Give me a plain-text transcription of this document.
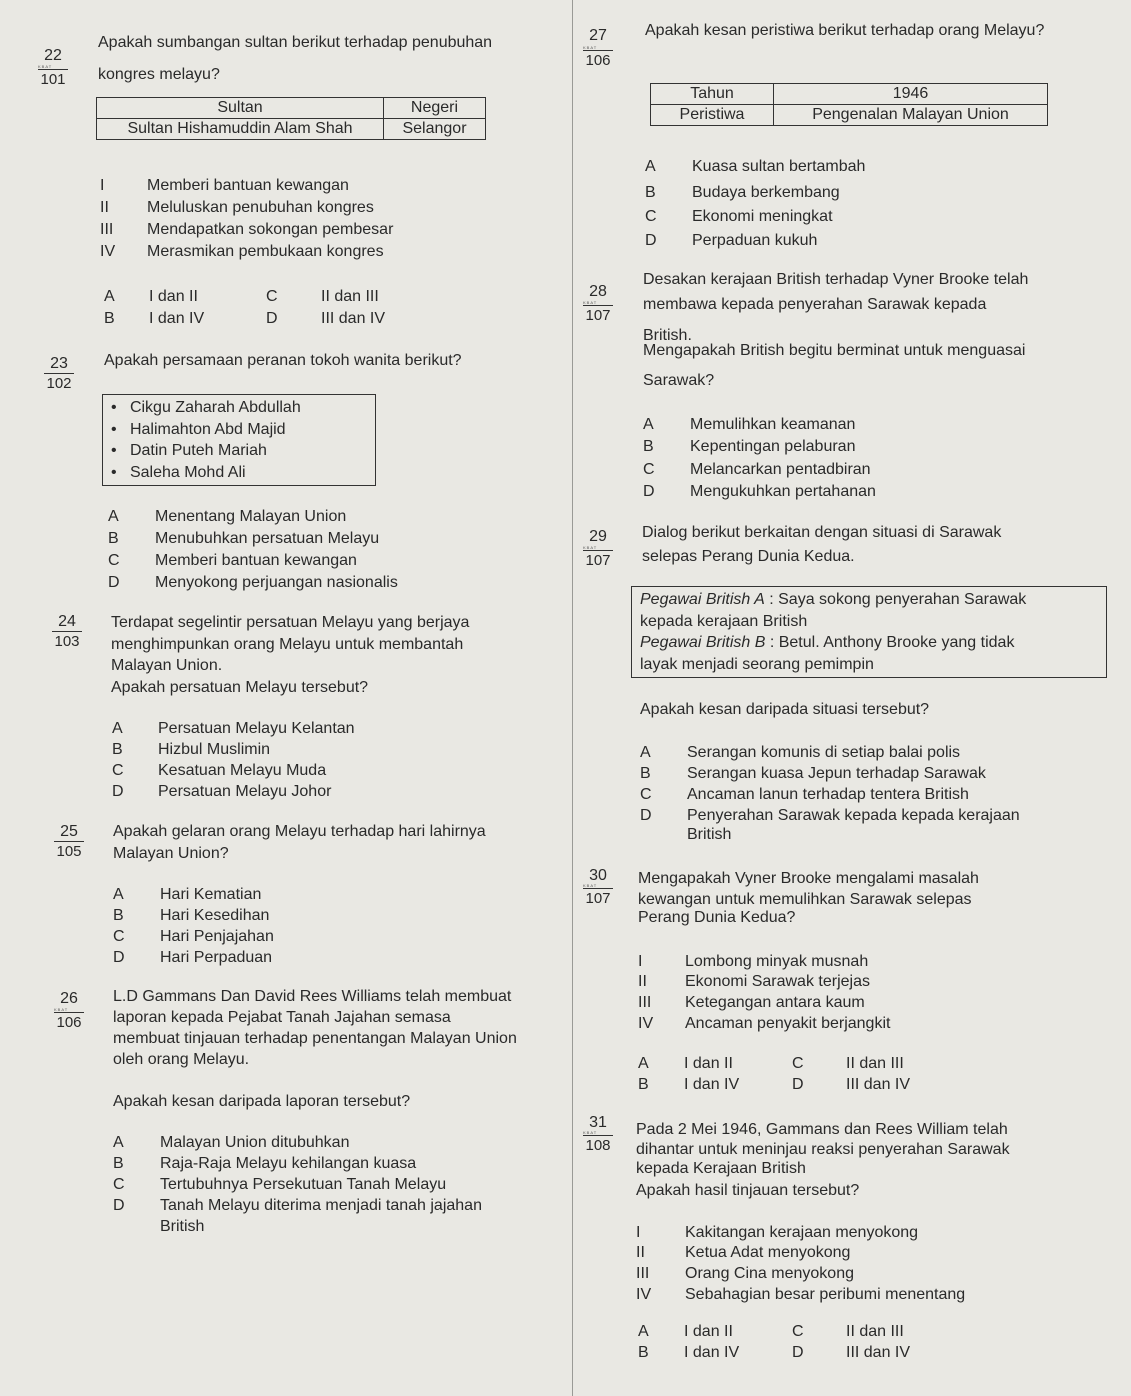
22
KBAT
101
Apakah sumbangan sultan berikut terhadap penubuhan
kongres melayu?
Sultan	Negeri
Sultan Hishamuddin Alam Shah	Selangor
I	Memberi bantuan kewangan
II Meluluskan penubuhan kongres
III Mendapatkan sokongan pembesar
IV Merasmikan pembukaan kongres
A I dan II
B I dan IV
C	II dan III
D	III dan IV
23
102
Apakah persamaan peranan tokoh wanita berikut?
•   Cikgu Zaharah Abdullah
•   Halimahton Abd Majid
•   Datin Puteh Mariah
•   Saleha Mohd Ali
A Menentang Malayan Union
B Menubuhkan persatuan Melayu
C Memberi bantuan kewangan
D Menyokong perjuangan nasionalis
24
103
Terdapat segelintir persatuan Melayu yang berjaya
menghimpunkan orang Melayu untuk membantah
Malayan Union.
Apakah persatuan Melayu tersebut?
A Persatuan Melayu Kelantan
B Hizbul Muslimin
C Kesatuan Melayu Muda
D Persatuan Melayu Johor
25
105
Apakah gelaran orang Melayu terhadap hari lahirnya
Malayan Union?
A Hari Kematian
B Hari Kesedihan
C Hari Penjajahan
D Hari Perpaduan
26
KBAT
106
L.D Gammans Dan David Rees Williams telah membuat
laporan kepada Pejabat Tanah Jajahan semasa
membuat tinjauan terhadap penentangan Malayan Union
oleh orang Melayu.
Apakah kesan daripada laporan tersebut?
A Malayan Union ditubuhkan
B Raja-Raja Melayu kehilangan kuasa
C Tertubuhnya Persekutuan Tanah Melayu
D Tanah Melayu diterima menjadi tanah jajahan
British
27
KBAT
106
Apakah kesan peristiwa berikut terhadap orang Melayu?
Tahun	1946
Peristiwa	Pengenalan Malayan Union
A Kuasa sultan bertambah
B Budaya berkembang
C Ekonomi meningkat
D Perpaduan kukuh
28
KBAT
107
Desakan kerajaan British terhadap Vyner Brooke telah
membawa kepada penyerahan Sarawak kepada
British.
Mengapakah British begitu berminat untuk menguasai
Sarawak?
A Memulihkan keamanan
B Kepentingan pelaburan
C Melancarkan pentadbiran
D Mengukuhkan pertahanan
29
KBAT
107
Dialog berikut berkaitan dengan situasi di Sarawak
selepas Perang Dunia Kedua.
Pegawai British A : Saya sokong penyerahan Sarawak
kepada kerajaan British
Pegawai British B : Betul. Anthony Brooke yang tidak
layak menjadi seorang pemimpin
Apakah kesan daripada situasi tersebut?
A Serangan komunis di setiap balai polis
B Serangan kuasa Jepun terhadap Sarawak
C Ancaman lanun terhadap tentera British
D Penyerahan Sarawak kepada kepada kerajaan
British
30
KBAT
107
Mengapakah Vyner Brooke mengalami masalah
kewangan untuk memulihkan Sarawak selepas
Perang Dunia Kedua?
I	Lombong minyak musnah
II Ekonomi Sarawak terjejas
III Ketegangan antara kaum
IV Ancaman penyakit berjangkit
A I dan II
B I dan IV
C	II dan III
D	III dan IV
31
KBAT
108
Pada 2 Mei 1946, Gammans dan Rees William telah
dihantar untuk meninjau reaksi penyerahan Sarawak
kepada Kerajaan British
Apakah hasil tinjauan tersebut?
I	Kakitangan kerajaan menyokong
II	Ketua Adat menyokong
III Orang Cina menyokong
IV Sebahagian besar peribumi menentang
A I dan II
B I dan IV
C	II dan III
D	III dan IV
